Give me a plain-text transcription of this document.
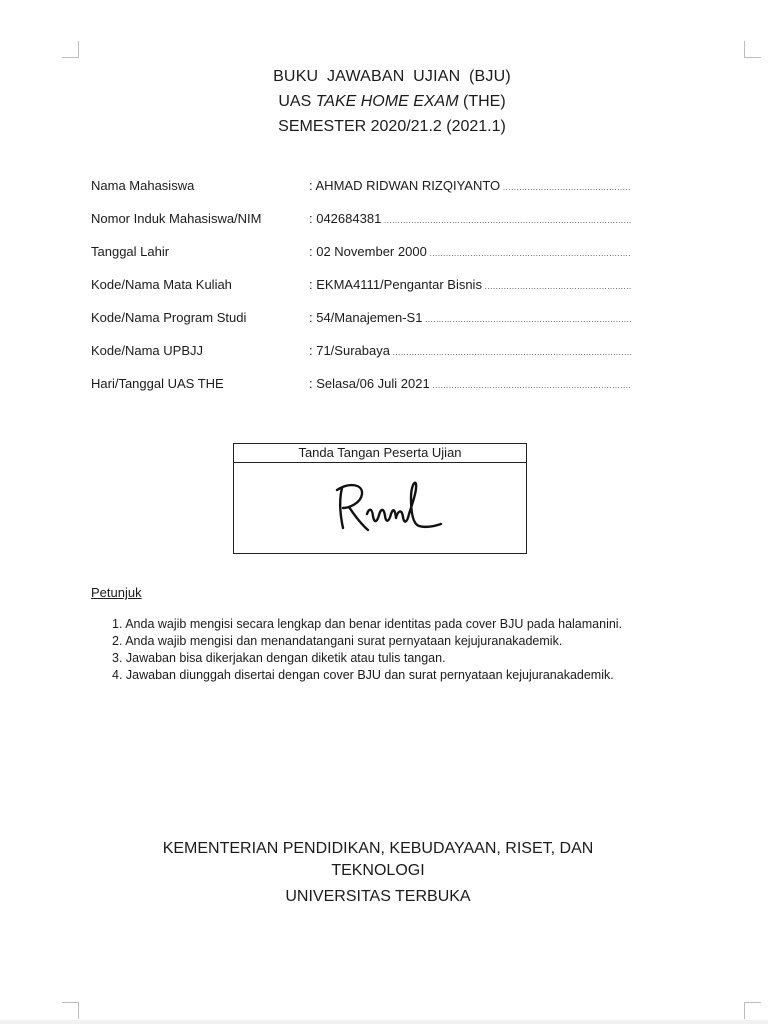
BUKU JAWABAN UJIAN (BJU)
UAS TAKE HOME EXAM (THE)
SEMESTER 2020/21.2 (2021.1)
Nama Mahasiswa	: AHMAD RIDWAN RIZQIYANTO .....
Nomor Induk Mahasiswa/NIM	: 042684381 .....
Tanggal Lahir	: 02 November 2000 .....
Kode/Nama Mata Kuliah	: EKMA4111/Pengantar Bisnis .....
Kode/Nama Program Studi	: 54/Manajemen-S1 .....
Kode/Nama UPBJJ	: 71/Surabaya .....
Hari/Tanggal UAS THE	: Selasa/06 Juli 2021 .....
Tanda Tangan Peserta Ujian
Petunjuk
1. Anda wajib mengisi secara lengkap dan benar identitas pada cover BJU pada halamanini.
2. Anda wajib mengisi dan menandatangani surat pernyataan kejujuranakademik.
3. Jawaban bisa dikerjakan dengan diketik atau tulis tangan.
4. Jawaban diunggah disertai dengan cover BJU dan surat pernyataan kejujuranakademik.
KEMENTERIAN PENDIDIKAN, KEBUDAYAAN, RISET, DAN TEKNOLOGI
UNIVERSITAS TERBUKA
